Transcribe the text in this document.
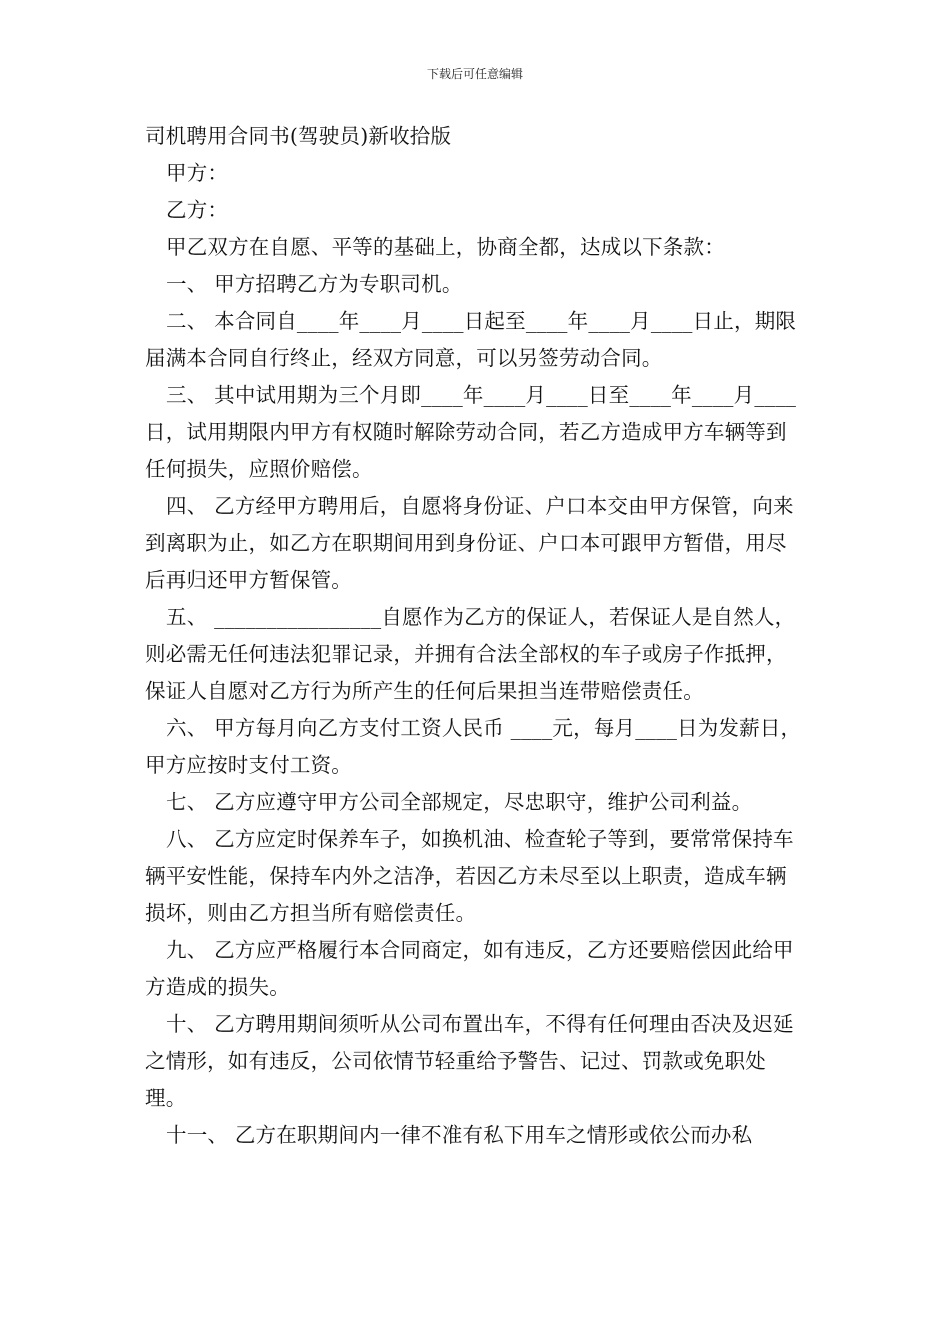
下载后可任意编辑

司机聘用合同书(驾驶员)新收拾版

甲方：

乙方：

甲乙双方在自愿、平等的基础上，协商全都，达成以下条款：

一、 甲方招聘乙方为专职司机。

二、 本合同自____年____月____日起至____年____月____日止，期限届满本合同自行终止，经双方同意，可以另签劳动合同。

三、 其中试用期为三个月即____年____月____日至____年____月____日，试用期限内甲方有权随时解除劳动合同，若乙方造成甲方车辆等到任何损失，应照价赔偿。

四、 乙方经甲方聘用后，自愿将身份证、户口本交由甲方保管，向来到离职为止，如乙方在职期间用到身份证、户口本可跟甲方暂借，用尽后再归还甲方暂保管。

五、 ________________自愿作为乙方的保证人，若保证人是自然人，则必需无任何违法犯罪记录，并拥有合法全部权的车子或房子作抵押，保证人自愿对乙方行为所产生的任何后果担当连带赔偿责任。

六、 甲方每月向乙方支付工资人民币 ____元，每月____日为发薪日，甲方应按时支付工资。

七、 乙方应遵守甲方公司全部规定，尽忠职守，维护公司利益。

八、 乙方应定时保养车子，如换机油、检查轮子等到，要常常保持车辆平安性能，保持车内外之洁净，若因乙方未尽至以上职责，造成车辆损坏，则由乙方担当所有赔偿责任。

九、 乙方应严格履行本合同商定，如有违反，乙方还要赔偿因此给甲方造成的损失。

十、 乙方聘用期间须听从公司布置出车，不得有任何理由否决及迟延之情形，如有违反，公司依情节轻重给予警告、记过、罚款或免职处理。

十一、 乙方在职期间内一律不准有私下用车之情形或依公而办私
